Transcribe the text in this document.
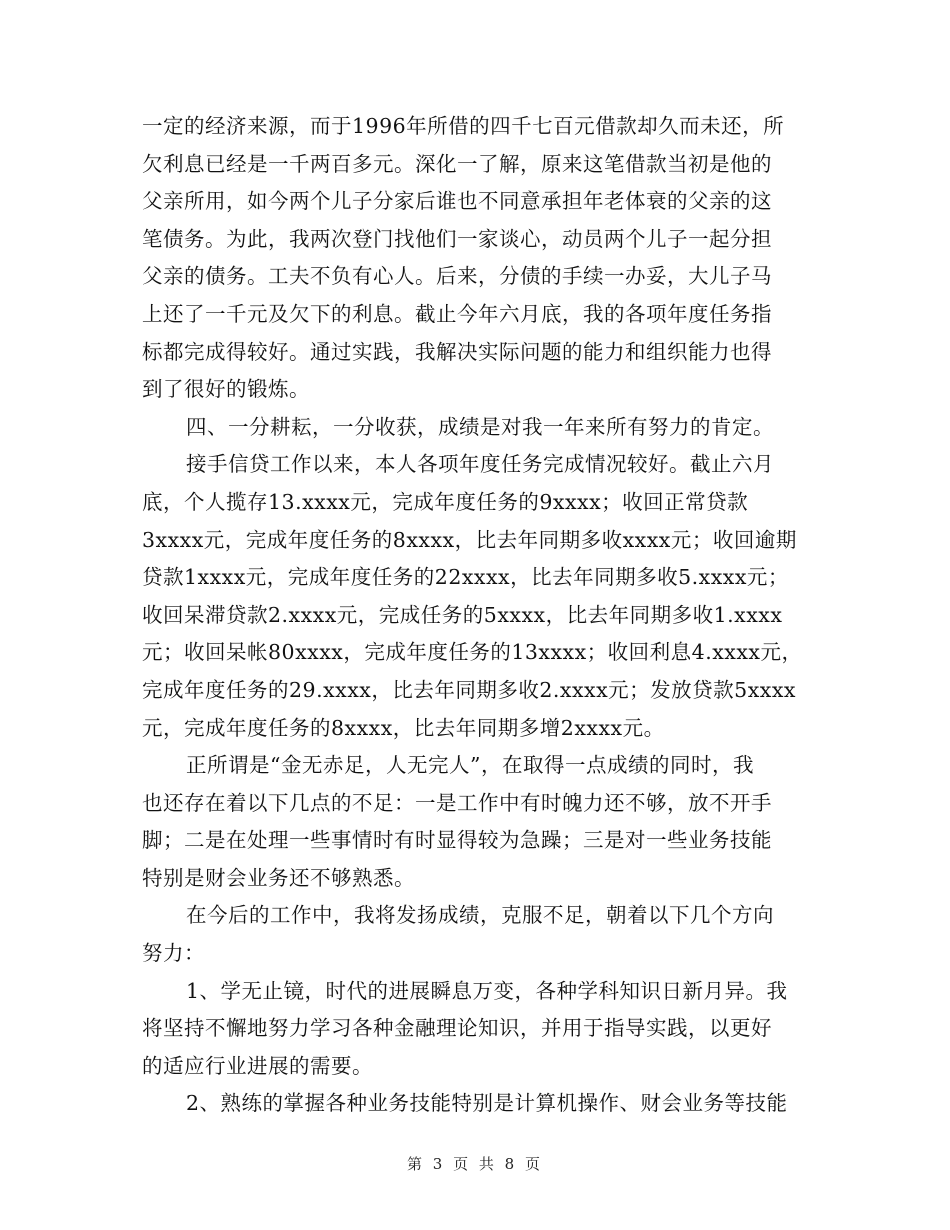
一定的经济来源，而于1996年所借的四千七百元借款却久而未还，所
欠利息已经是一千两百多元。深化一了解，原来这笔借款当初是他的
父亲所用，如今两个儿子分家后谁也不同意承担年老体衰的父亲的这
笔债务。为此，我两次登门找他们一家谈心，动员两个儿子一起分担
父亲的债务。工夫不负有心人。后来，分债的手续一办妥，大儿子马
上还了一千元及欠下的利息。截止今年六月底，我的各项年度任务指
标都完成得较好。通过实践，我解决实际问题的能力和组织能力也得
到了很好的锻炼。
四、一分耕耘，一分收获，成绩是对我一年来所有努力的肯定。
接手信贷工作以来，本人各项年度任务完成情况较好。截止六月
底，个人揽存13.xxxx元，完成年度任务的9xxxx；收回正常贷款
3xxxx元，完成年度任务的8xxxx，比去年同期多收xxxx元；收回逾期
贷款1xxxx元，完成年度任务的22xxxx，比去年同期多收5.xxxx元；
收回呆滞贷款2.xxxx元，完成任务的5xxxx，比去年同期多收1.xxxx
元；收回呆帐80xxxx，完成年度任务的13xxxx；收回利息4.xxxx元，
完成年度任务的29.xxxx，比去年同期多收2.xxxx元；发放贷款5xxxx
元，完成年度任务的8xxxx，比去年同期多增2xxxx元。
正所谓是“金无赤足，人无完人”，在取得一点成绩的同时，我
也还存在着以下几点的不足：一是工作中有时魄力还不够，放不开手
脚；二是在处理一些事情时有时显得较为急躁；三是对一些业务技能
特别是财会业务还不够熟悉。
在今后的工作中，我将发扬成绩，克服不足，朝着以下几个方向
努力：
1、学无止镜，时代的进展瞬息万变，各种学科知识日新月异。我
将坚持不懈地努力学习各种金融理论知识，并用于指导实践，以更好
的适应行业进展的需要。
2、熟练的掌握各种业务技能特别是计算机操作、财会业务等技能
第 3 页 共 8 页
